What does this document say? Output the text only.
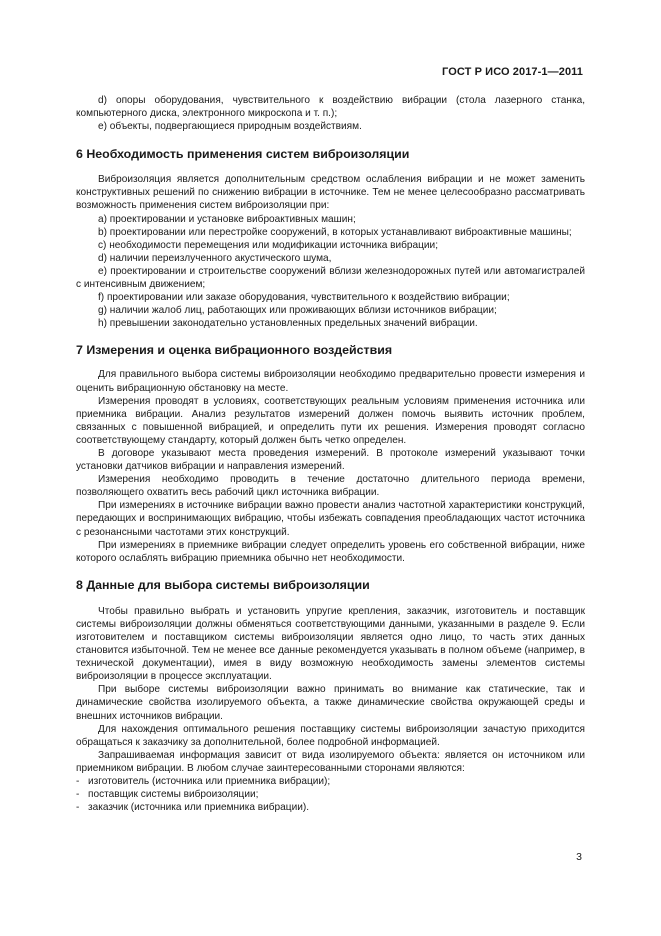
ГОСТ Р ИСО 2017-1—2011

d) опоры оборудования, чувствительного к воздействию вибрации (стола лазерного станка, компьютерного диска, электронного микроскопа и т. п.);

e) объекты, подвергающиеся природным воздействиям.

6 Необходимость применения систем виброизоляции

Виброизоляция является дополнительным средством ослабления вибрации и не может заменить конструктивных решений по снижению вибрации в источнике. Тем не менее целесообразно рассматривать возможность применения систем виброизоляции при:

a) проектировании и установке виброактивных машин;

b) проектировании или перестройке сооружений, в которых устанавливают виброактивные машины;

c) необходимости перемещения или модификации источника вибрации;

d) наличии переизлученного акустического шума,

e) проектировании и строительстве сооружений вблизи железнодорожных путей или автомагистралей с интенсивным движением;

f) проектировании или заказе оборудования, чувствительного к воздействию вибрации;

g) наличии жалоб лиц, работающих или проживающих вблизи источников вибрации;

h) превышении законодательно установленных предельных значений вибрации.

7 Измерения и оценка вибрационного воздействия

Для правильного выбора системы виброизоляции необходимо предварительно провести измерения и оценить вибрационную обстановку на месте.

Измерения проводят в условиях, соответствующих реальным условиям применения источника или приемника вибрации. Анализ результатов измерений должен помочь выявить источник проблем, связанных с повышенной вибрацией, и определить пути их решения. Измерения проводят согласно соответствующему стандарту, который должен быть четко определен.

В договоре указывают места проведения измерений. В протоколе измерений указывают точки установки датчиков вибрации и направления измерений.

Измерения необходимо проводить в течение достаточно длительного периода времени, позволяющего охватить весь рабочий цикл источника вибрации.

При измерениях в источнике вибрации важно провести анализ частотной характеристики конструкций, передающих и воспринимающих вибрацию, чтобы избежать совпадения преобладающих частот источника с резонансными частотами этих конструкций.

При измерениях в приемнике вибрации следует определить уровень его собственной вибрации, ниже которого ослаблять вибрацию приемника обычно нет необходимости.

8 Данные для выбора системы виброизоляции

Чтобы правильно выбрать и установить упругие крепления, заказчик, изготовитель и поставщик системы виброизоляции должны обменяться соответствующими данными, указанными в разделе 9. Если изготовителем и поставщиком системы виброизоляции является одно лицо, то часть этих данных становится избыточной. Тем не менее все данные рекомендуется указывать в полном объеме (например, в технической документации), имея в виду возможную необходимость замены элементов системы виброизоляции в процессе эксплуатации.

При выборе системы виброизоляции важно принимать во внимание как статические, так и динамические свойства изолируемого объекта, а также динамические свойства окружающей среды и внешних источников вибрации.

Для нахождения оптимального решения поставщику системы виброизоляции зачастую приходится обращаться к заказчику за дополнительной, более подробной информацией.

Запрашиваемая информация зависит от вида изолируемого объекта: является он источником или приемником вибрации. В любом случае заинтересованными сторонами являются:

- изготовитель (источника или приемника вибрации);

- поставщик системы виброизоляции;

- заказчик (источника или приемника вибрации).

3
